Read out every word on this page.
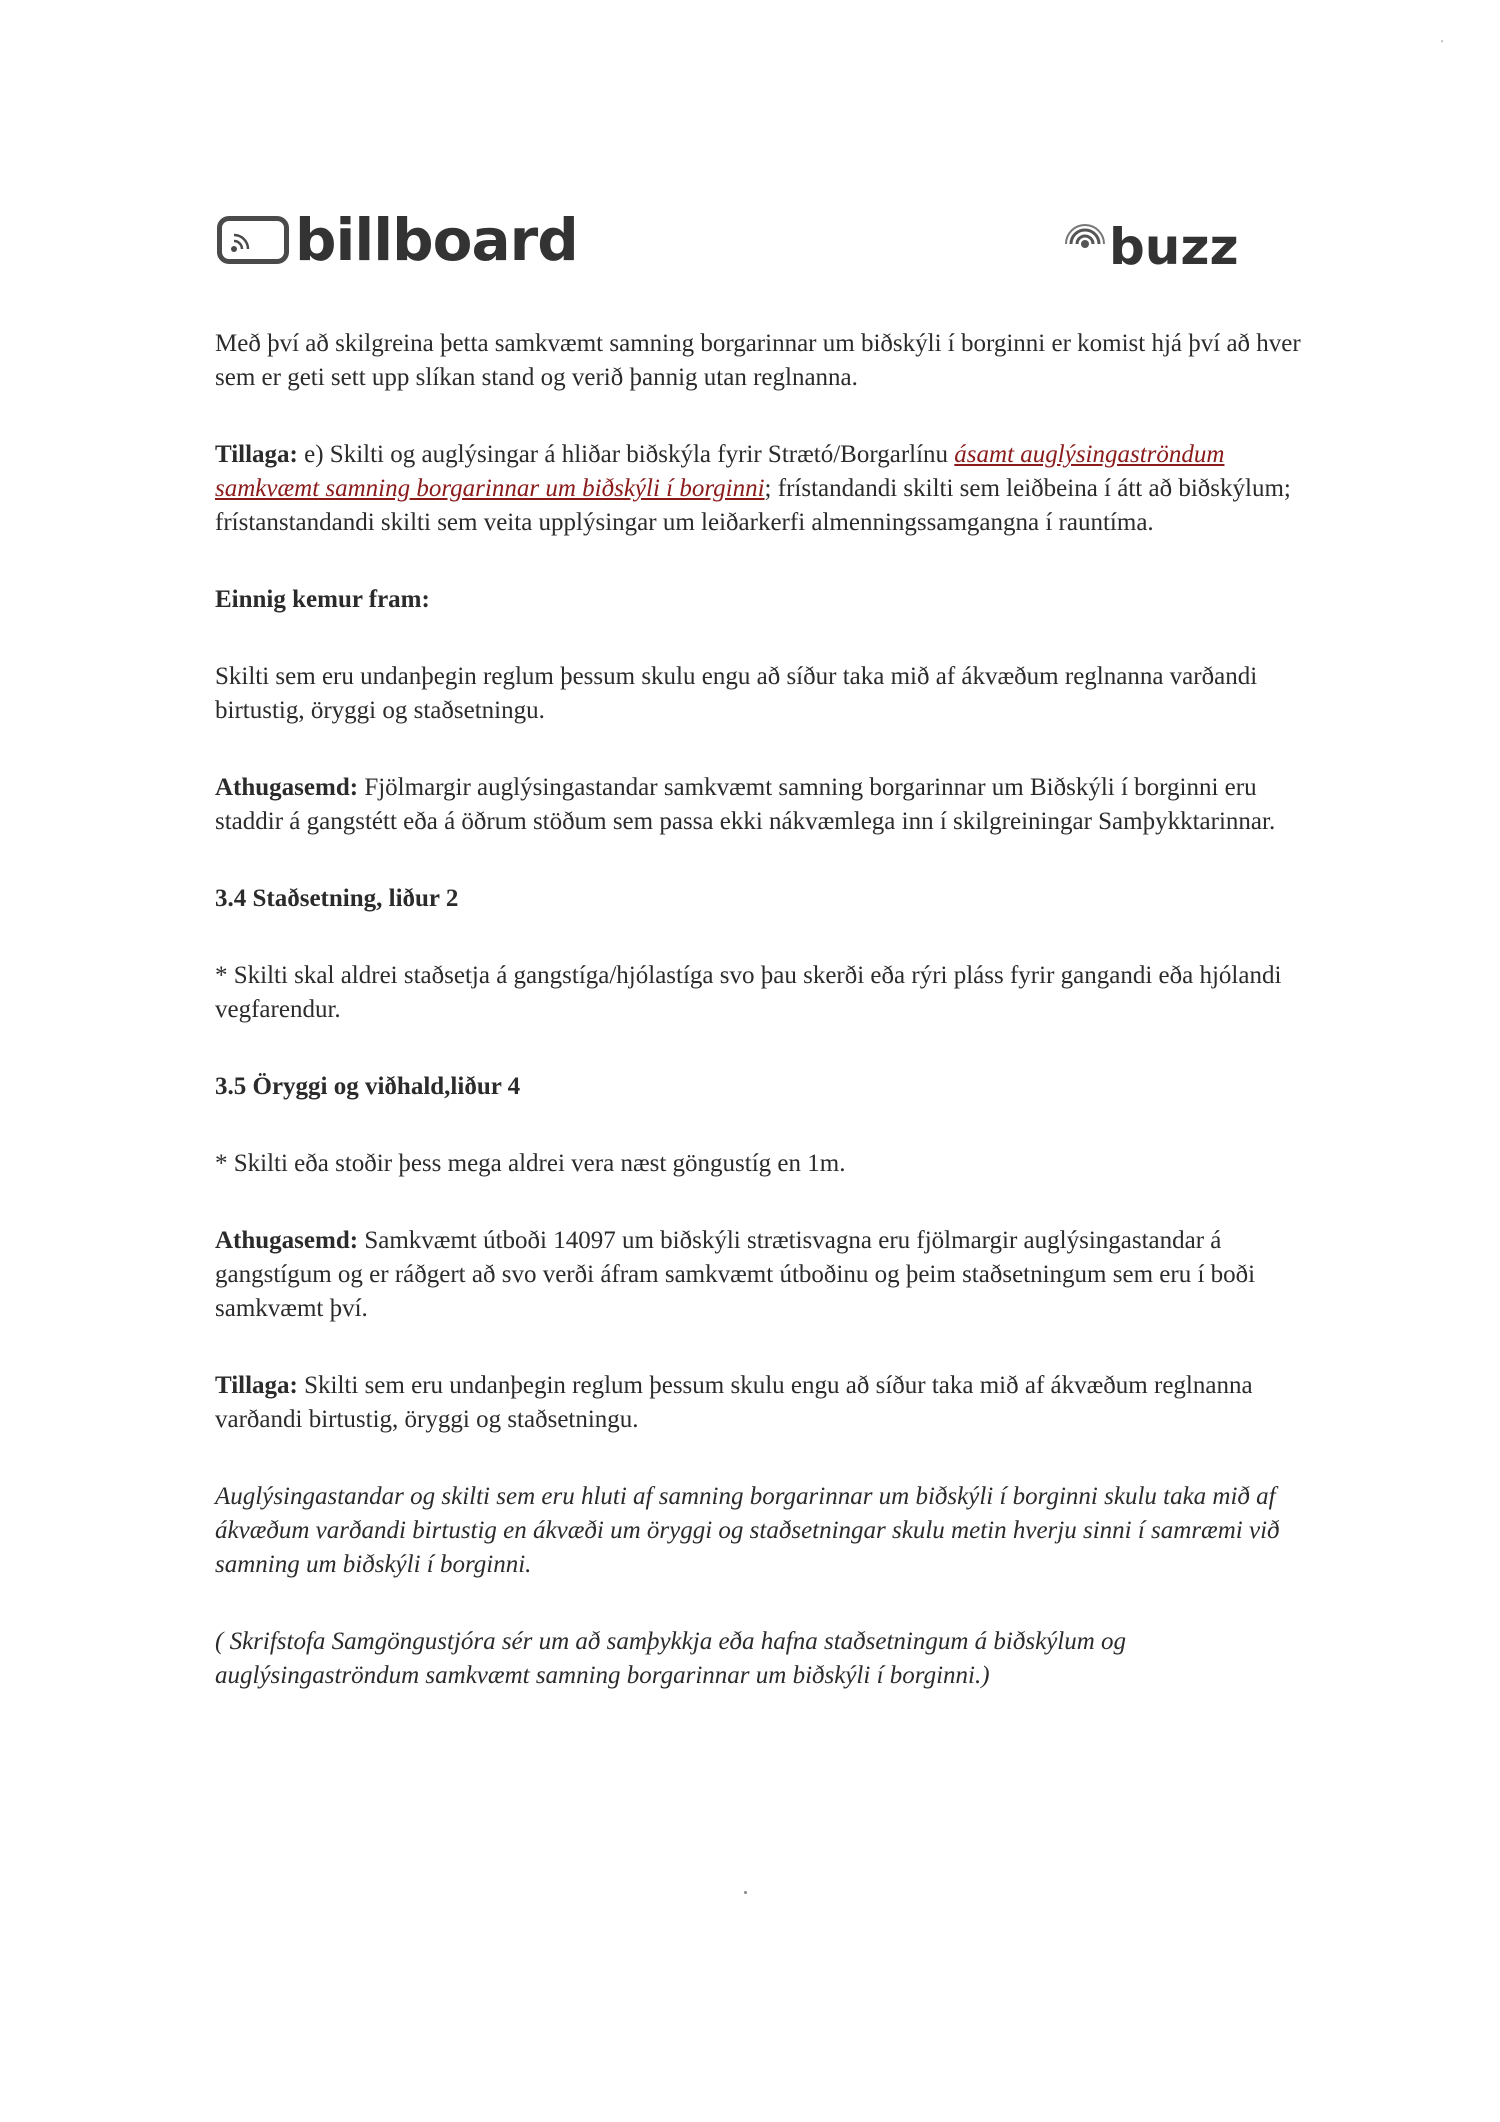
⸱
billboard	buzz

Með því að skilgreina þetta samkvæmt samning borgarinnar um biðskýli í borginni er komist hjá því að hver sem er geti sett upp slíkan stand og verið þannig utan reglnanna.

Tillaga: e) Skilti og auglýsingar á hliðar biðskýla fyrir Strætó/Borgarlínu ásamt auglýsingaströndum samkvæmt samning borgarinnar um biðskýli í borginni; frístandandi skilti sem leiðbeina í átt að biðskýlum; frístanstandandi skilti sem veita upplýsingar um leiðarkerfi almenningssamgangna í rauntíma.

Einnig kemur fram:

Skilti sem eru undanþegin reglum þessum skulu engu að síður taka mið af ákvæðum reglnanna varðandi birtustig, öryggi og staðsetningu.

Athugasemd: Fjölmargir auglýsingastandar samkvæmt samning borgarinnar um Biðskýli í borginni eru staddir á gangstétt eða á öðrum stöðum sem passa ekki nákvæmlega inn í skilgreiningar Samþykktarinnar.

3.4 Staðsetning, liður 2

* Skilti skal aldrei staðsetja á gangstíga/hjólastíga svo þau skerði eða rýri pláss fyrir gangandi eða hjólandi vegfarendur.

3.5 Öryggi og viðhald,liður 4

* Skilti eða stoðir þess mega aldrei vera næst göngustíg en 1m.

Athugasemd: Samkvæmt útboði 14097 um biðskýli strætisvagna eru fjölmargir auglýsingastandar á gangstígum og er ráðgert að svo verði áfram samkvæmt útboðinu og þeim staðsetningum sem eru í boði samkvæmt því.

Tillaga: Skilti sem eru undanþegin reglum þessum skulu engu að síður taka mið af ákvæðum reglnanna varðandi birtustig, öryggi og staðsetningu.

Auglýsingastandar og skilti sem eru hluti af samning borgarinnar um biðskýli í borginni skulu taka mið af ákvæðum varðandi birtustig en ákvæði um öryggi og staðsetningar skulu metin hverju sinni í samræmi við samning um biðskýli í borginni.

( Skrifstofa Samgöngustjóra sér um að samþykkja eða hafna staðsetningum á biðskýlum og auglýsingaströndum samkvæmt samning borgarinnar um biðskýli í borginni.)
